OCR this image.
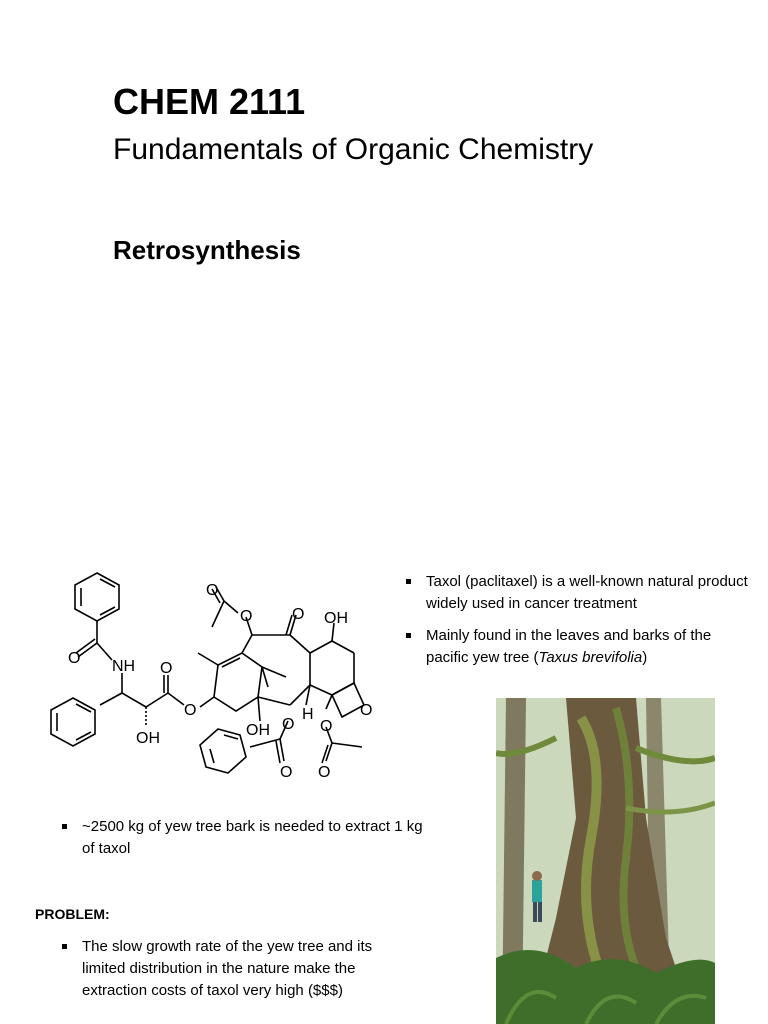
CHEM 2111
Fundamentals of Organic Chemistry
Retrosynthesis
O NH O
O
OH
O
O O OH
OH
H	O
O
O
O
O
Taxol (paclitaxel) is a well-known natural product widely used in cancer treatment
Mainly found in the leaves and barks of the pacific yew tree (Taxus brevifolia)
~2500 kg of yew tree bark is needed to extract 1 kg of taxol
PROBLEM:
The slow growth rate of the yew tree and its limited distribution in the nature make the extraction costs of taxol very high ($$$)
